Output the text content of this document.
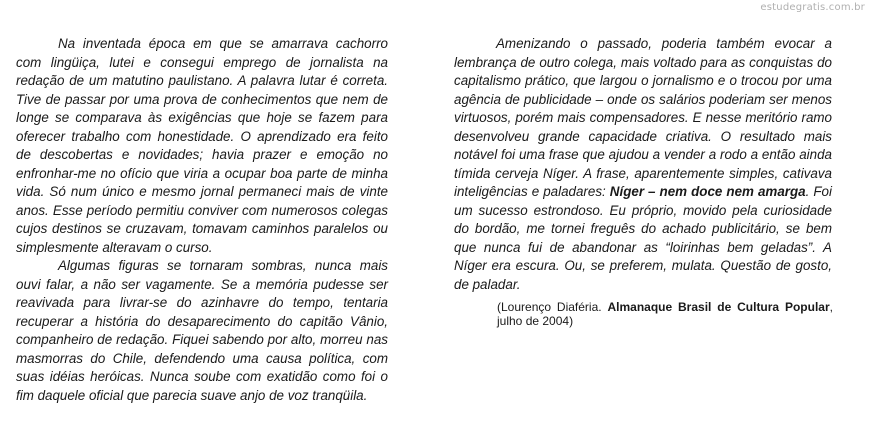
estudegratis.com.br

Na inventada época em que se amarrava cachorro com lingüiça, lutei e consegui emprego de jornalista na redação de um matutino paulistano. A palavra lutar é correta. Tive de passar por uma prova de conhecimentos que nem de longe se comparava às exigências que hoje se fazem para oferecer trabalho com honestidade. O aprendizado era feito de descobertas e novidades; havia prazer e emoção no enfronhar-me no ofício que viria a ocupar boa parte de minha vida. Só num único e mesmo jornal permaneci mais de vinte anos. Esse período permitiu conviver com numerosos colegas cujos destinos se cruzavam, tomavam caminhos paralelos ou simplesmente alteravam o curso.

Algumas figuras se tornaram sombras, nunca mais ouvi falar, a não ser vagamente. Se a memória pudesse ser reavivada para livrar-se do azinhavre do tempo, tentaria recuperar a história do desaparecimento do capitão Vânio, companheiro de redação. Fiquei sabendo por alto, morreu nas masmorras do Chile, defendendo uma causa política, com suas idéias heróicas. Nunca soube com exatidão como foi o fim daquele oficial que parecia suave anjo de voz tranqüila.

Amenizando o passado, poderia também evocar a lembrança de outro colega, mais voltado para as conquistas do capitalismo prático, que largou o jornalismo e o trocou por uma agência de publicidade – onde os salários poderiam ser menos virtuosos, porém mais compensadores. E nesse meritório ramo desenvolveu grande capacidade criativa. O resultado mais notável foi uma frase que ajudou a vender a rodo a então ainda tímida cerveja Níger. A frase, aparentemente simples, cativava inteligências e paladares: Níger – nem doce nem amarga. Foi um sucesso estrondoso. Eu próprio, movido pela curiosidade do bordão, me tornei freguês do achado publicitário, se bem que nunca fui de abandonar as “loirinhas bem geladas”. A Níger era escura. Ou, se preferem, mulata. Questão de gosto, de paladar.

(Lourenço Diaféria. Almanaque Brasil de Cultura Popular, julho de 2004)
